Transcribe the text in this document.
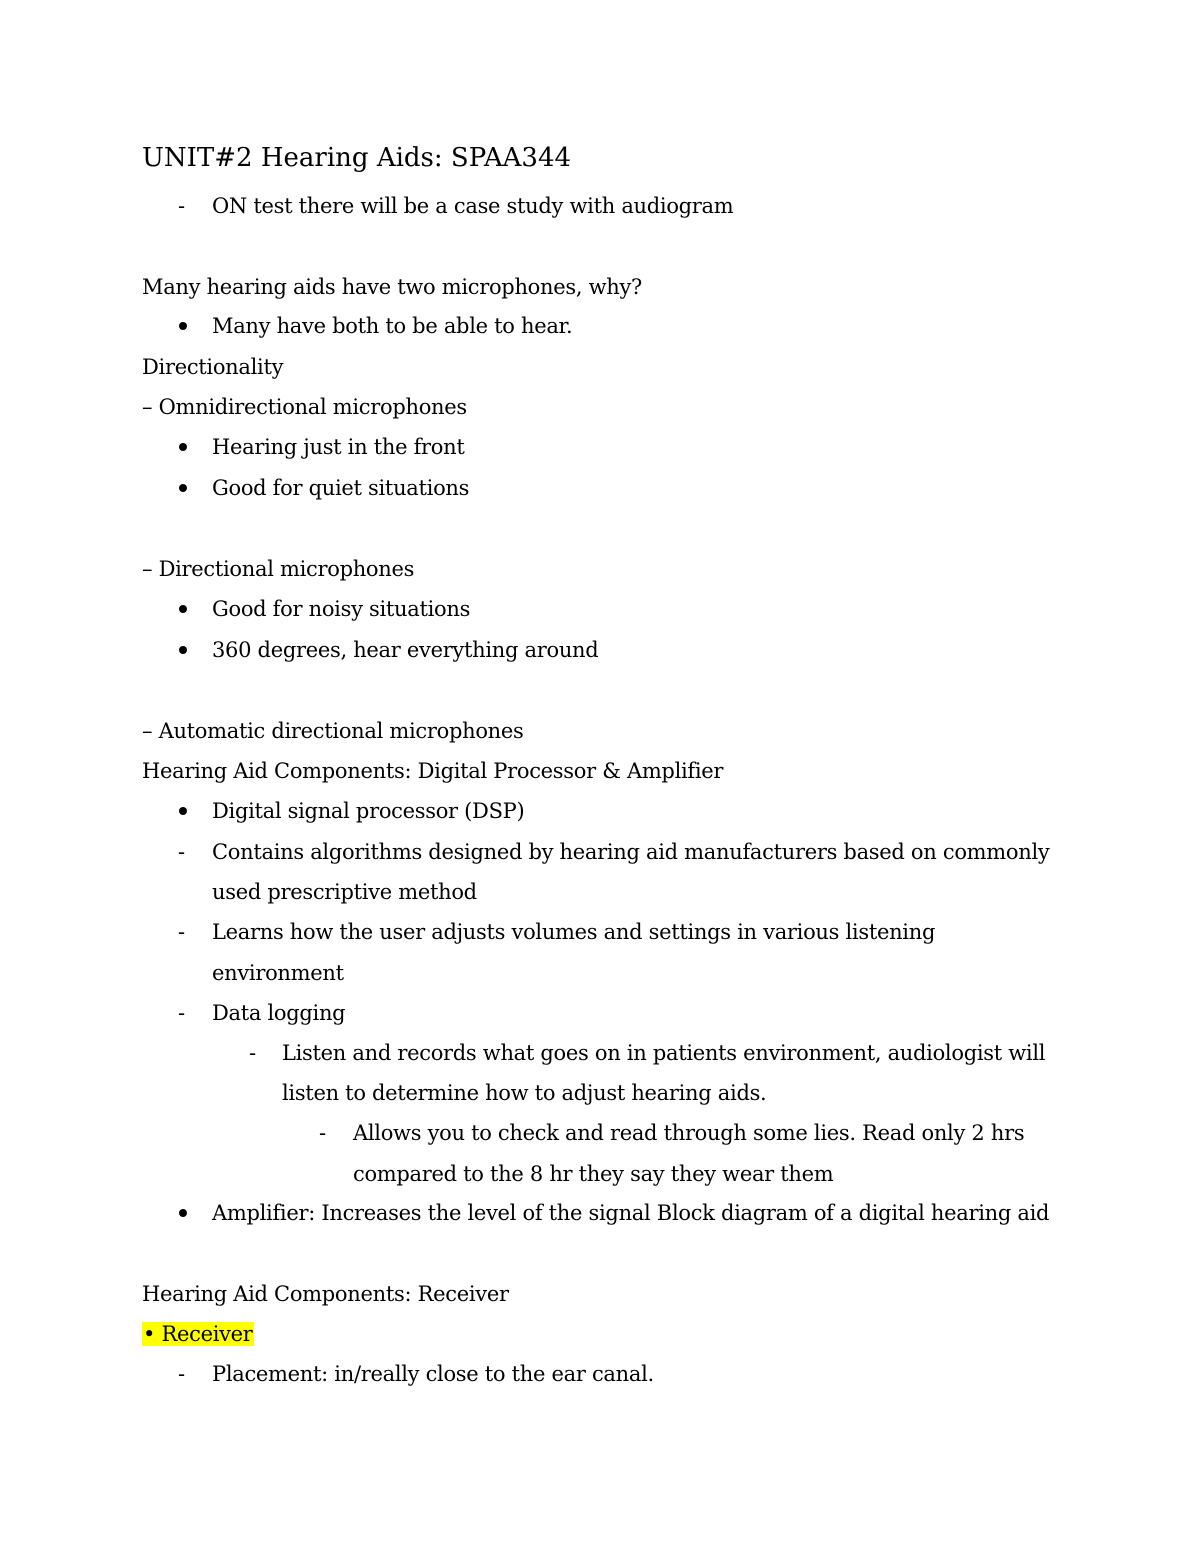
UNIT#2 Hearing Aids: SPAA344
- ON test there will be a case study with audiogram
Many hearing aids have two microphones, why?
Many have both to be able to hear.
Directionality
– Omnidirectional microphones
Hearing just in the front
Good for quiet situations
– Directional microphones
Good for noisy situations
360 degrees, hear everything around
– Automatic directional microphones
Hearing Aid Components: Digital Processor & Amplifier
Digital signal processor (DSP)
- Contains algorithms designed by hearing aid manufacturers based on commonly
used prescriptive method
- Learns how the user adjusts volumes and settings in various listening
environment
- Data logging
- Listen and records what goes on in patients environment, audiologist will
listen to determine how to adjust hearing aids.
- Allows you to check and read through some lies. Read only 2 hrs
compared to the 8 hr they say they wear them
Amplifier: Increases the level of the signal Block diagram of a digital hearing aid
Hearing Aid Components: Receiver
• Receiver
- Placement: in/really close to the ear canal.
